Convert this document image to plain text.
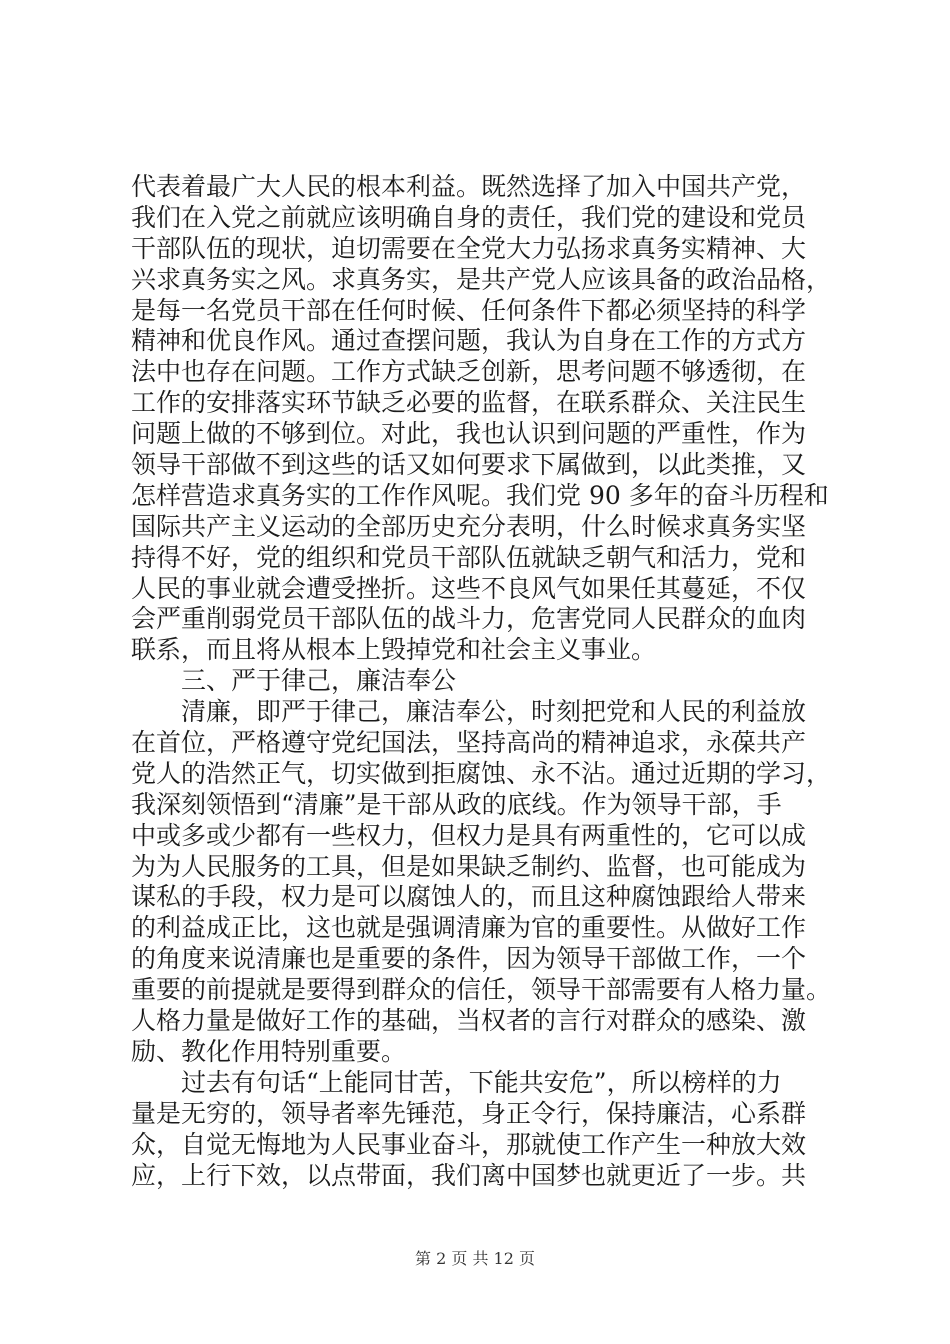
代表着最广大人民的根本利益。既然选择了加入中国共产党，
我们在入党之前就应该明确自身的责任，我们党的建设和党员
干部队伍的现状，迫切需要在全党大力弘扬求真务实精神、大
兴求真务实之风。求真务实，是共产党人应该具备的政治品格，
是每一名党员干部在任何时候、任何条件下都必须坚持的科学
精神和优良作风。通过查摆问题，我认为自身在工作的方式方
法中也存在问题。工作方式缺乏创新，思考问题不够透彻，在
工作的安排落实环节缺乏必要的监督，在联系群众、关注民生
问题上做的不够到位。对此，我也认识到问题的严重性，作为
领导干部做不到这些的话又如何要求下属做到，以此类推，又
怎样营造求真务实的工作作风呢。我们党 90 多年的奋斗历程和
国际共产主义运动的全部历史充分表明，什么时候求真务实坚
持得不好，党的组织和党员干部队伍就缺乏朝气和活力，党和
人民的事业就会遭受挫折。这些不良风气如果任其蔓延，不仅
会严重削弱党员干部队伍的战斗力，危害党同人民群众的血肉
联系，而且将从根本上毁掉党和社会主义事业。
　　三、严于律己，廉洁奉公
　　清廉，即严于律己，廉洁奉公，时刻把党和人民的利益放
在首位，严格遵守党纪国法，坚持高尚的精神追求，永葆共产
党人的浩然正气，切实做到拒腐蚀、永不沾。通过近期的学习，
我深刻领悟到“清廉”是干部从政的底线。作为领导干部，手
中或多或少都有一些权力，但权力是具有两重性的，它可以成
为为人民服务的工具，但是如果缺乏制约、监督，也可能成为
谋私的手段，权力是可以腐蚀人的，而且这种腐蚀跟给人带来
的利益成正比，这也就是强调清廉为官的重要性。从做好工作
的角度来说清廉也是重要的条件，因为领导干部做工作，一个
重要的前提就是要得到群众的信任，领导干部需要有人格力量。
人格力量是做好工作的基础，当权者的言行对群众的感染、激
励、教化作用特别重要。
　　过去有句话“上能同甘苦，下能共安危”，所以榜样的力
量是无穷的，领导者率先锤范，身正令行，保持廉洁，心系群
众，自觉无悔地为人民事业奋斗，那就使工作产生一种放大效
应，上行下效，以点带面，我们离中国梦也就更近了一步。共
第 2 页 共 12 页
